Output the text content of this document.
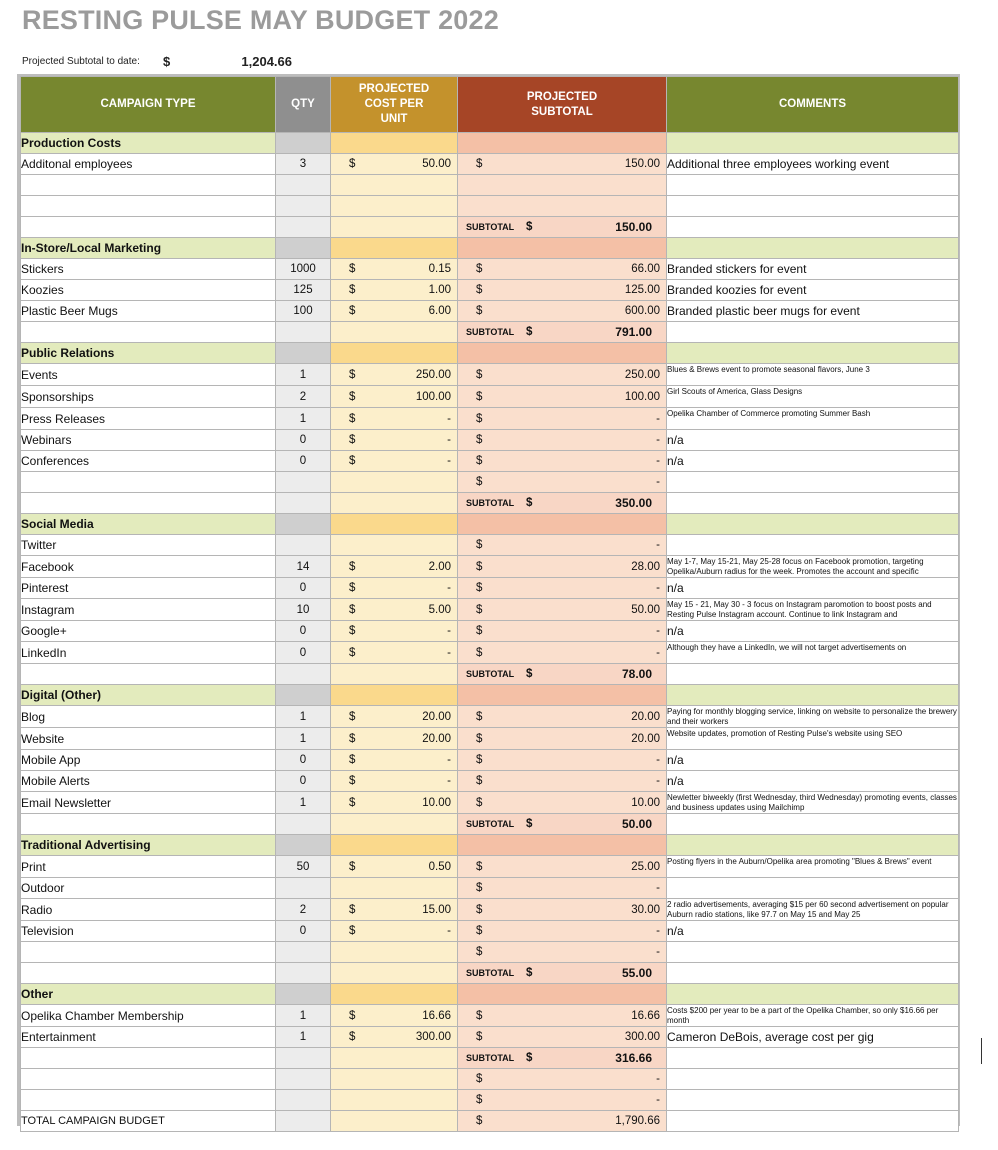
RESTING PULSE MAY BUDGET 2022
Projected Subtotal to date: $	1,204.66
CAMPAIGN TYPE	QTY	PROJECTED COST PER UNIT	PROJECTED SUBTOTAL	COMMENTS
Production Costs				
Additonal employees	3	$ 50.00	$ 150.00	Additional three employees working event

			SUBTOTAL $ 150.00	

In-Store/Local Marketing				
Stickers	1000	$ 0.15	$ 66.00	Branded stickers for event
Koozies	125	$ 1.00	$ 125.00	Branded koozies for event
Plastic Beer Mugs	100	$ 6.00	$ 600.00	Branded plastic beer mugs for event

			SUBTOTAL $ 791.00	

Public Relations				
Events	1	$ 250.00	$ 250.00	Blues & Brews event to promote seasonal flavors, June 3
Sponsorships	2	$ 100.00	$ 100.00	Girl Scouts of America, Glass Designs
Press Releases	1	$ -	$ -	Opelika Chamber of Commerce promoting Summer Bash
Webinars	0	$ -	$ -	n/a
Conferences	0	$ -	$ -	n/a

			$ -	

			SUBTOTAL $ 350.00	

Social Media				
Twitter			$ -	

Facebook	14	$ 2.00	$ 28.00	May 1-7, May 15-21, May 25-28 focus on Facebook promotion, targeting Opelika/Auburn radius for the week. Promotes the account and specific
Pinterest	0	$ -	$ -	n/a
Instagram	10	$ 5.00	$ 50.00	May 15 - 21, May 30 - 3 focus on Instagram paromotion to boost posts and Resting Pulse Instagram account. Continue to link Instagram and
Google+	0	$ -	$ -	n/a
LinkedIn	0	$ -	$ -	Although they have a LinkedIn, we will not target advertisements on

			SUBTOTAL $ 78.00	

Digital (Other)				
Blog	1	$ 20.00	$ 20.00	Paying for monthly blogging service, linking on website to personalize the brewery and their workers
Website	1	$ 20.00	$ 20.00	Website updates, promotion of Resting Pulse's website using SEO
Mobile App	0	$ -	$ -	n/a
Mobile Alerts	0	$ -	$ -	n/a
Email Newsletter	1	$ 10.00	$ 10.00	Newletter biweekly (first Wednesday, third Wednesday) promoting events, classes and business updates using Mailchimp

			SUBTOTAL $ 50.00	

Traditional Advertising				
Print	50	$ 0.50	$ 25.00	Posting flyers in the Auburn/Opelika area promoting "Blues & Brews" event
Outdoor			$ -	

Radio	2	$ 15.00	$ 30.00	2 radio advertisements, averaging $15 per 60 second advertisement on popular Auburn radio stations, like 97.7 on May 15 and May 25
Television	0	$ -	$ -	n/a

			$ -	

			SUBTOTAL $ 55.00	

Other				
Opelika Chamber Membership	1	$ 16.66	$ 16.66	Costs $200 per year to be a part of the Opelika Chamber, so only $16.66 per month
Entertainment	1	$ 300.00	$ 300.00	Cameron DeBois, average cost per gig

			SUBTOTAL $ 316.66	

			$ -	

			$ -	

TOTAL CAMPAIGN BUDGET			$ 1,790.66	
